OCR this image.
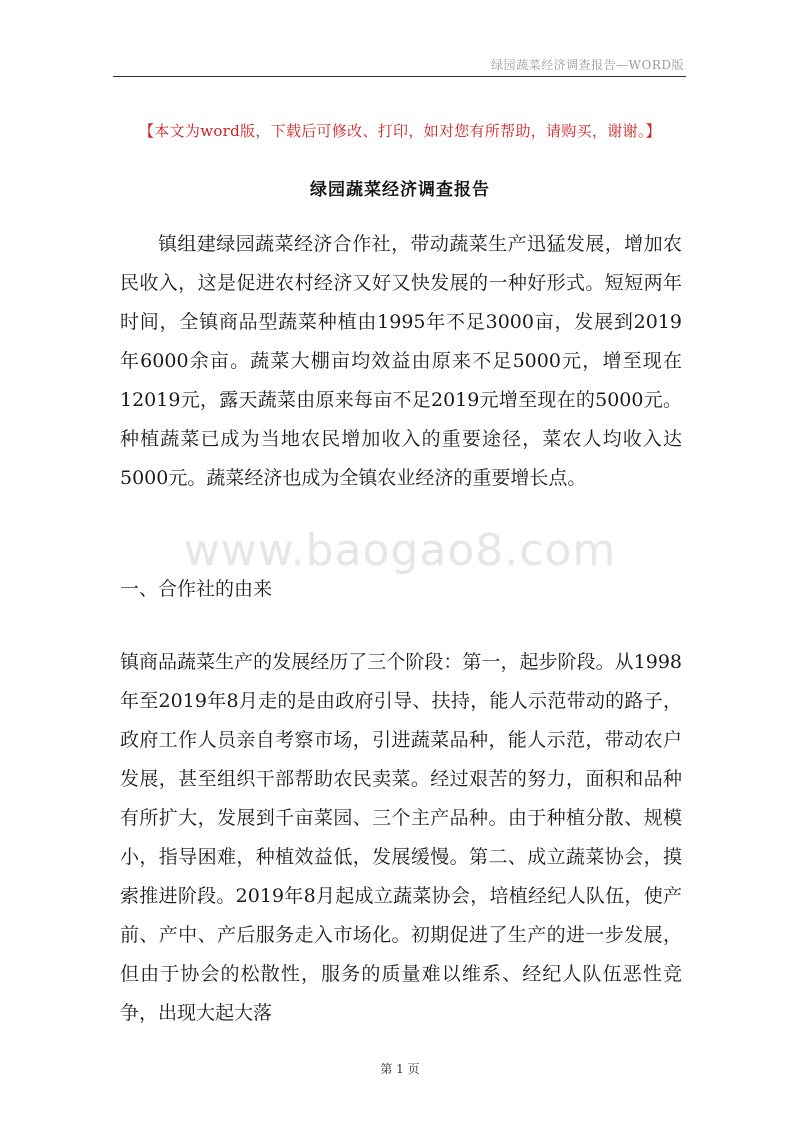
绿园蔬菜经济调查报告—WORD版
【本文为word版，下载后可修改、打印，如对您有所帮助，请购买，谢谢。】
绿园蔬菜经济调查报告

镇组建绿园蔬菜经济合作社，带动蔬菜生产迅猛发展，增加农民收入，这是促进农村经济又好又快发展的一种好形式。短短两年时间，全镇商品型蔬菜种植由1995年不足3000亩，发展到2019年6000余亩。蔬菜大棚亩均效益由原来不足5000元，增至现在12019元，露天蔬菜由原来每亩不足2019元增至现在的5000元。种植蔬菜已成为当地农民增加收入的重要途径，菜农人均收入达5000元。蔬菜经济也成为全镇农业经济的重要增长点。

www.baogao8.com
一、合作社的由来

镇商品蔬菜生产的发展经历了三个阶段：第一，起步阶段。从1998年至2019年8月走的是由政府引导、扶持，能人示范带动的路子，政府工作人员亲自考察市场，引进蔬菜品种，能人示范，带动农户发展，甚至组织干部帮助农民卖菜。经过艰苦的努力，面积和品种有所扩大，发展到千亩菜园、三个主产品种。由于种植分散、规模小，指导困难，种植效益低，发展缓慢。第二、成立蔬菜协会，摸索推进阶段。2019年8月起成立蔬菜协会，培植经纪人队伍，使产前、产中、产后服务走入市场化。初期促进了生产的进一步发展，但由于协会的松散性，服务的质量难以维系、经纪人队伍恶性竞争，出现大起大落

第 1 页
